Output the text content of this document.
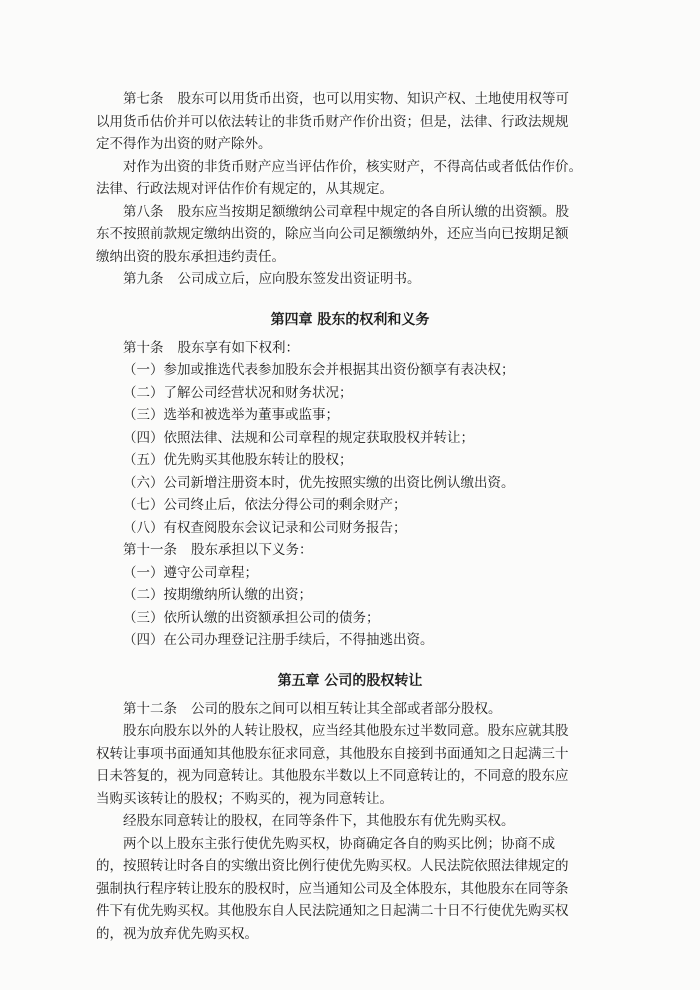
第七条 股东可以用货币出资，也可以用实物、知识产权、土地使用权等可
以用货币估价并可以依法转让的非货币财产作价出资；但是，法律、行政法规规
定不得作为出资的财产除外。
对作为出资的非货币财产应当评估作价，核实财产，不得高估或者低估作价。
法律、行政法规对评估作价有规定的，从其规定。
第八条 股东应当按期足额缴纳公司章程中规定的各自所认缴的出资额。股
东不按照前款规定缴纳出资的，除应当向公司足额缴纳外，还应当向已按期足额
缴纳出资的股东承担违约责任。
第九条 公司成立后，应向股东签发出资证明书。
第四章 股东的权利和义务
第十条 股东享有如下权利：
（一）参加或推选代表参加股东会并根据其出资份额享有表决权；
（二）了解公司经营状况和财务状况；
（三）选举和被选举为董事或监事；
（四）依照法律、法规和公司章程的规定获取股权并转让；
（五）优先购买其他股东转让的股权；
（六）公司新增注册资本时，优先按照实缴的出资比例认缴出资。
（七）公司终止后，依法分得公司的剩余财产；
（八）有权查阅股东会议记录和公司财务报告；
第十一条 股东承担以下义务：
（一）遵守公司章程；
（二）按期缴纳所认缴的出资；
（三）依所认缴的出资额承担公司的债务；
（四）在公司办理登记注册手续后，不得抽逃出资。
第五章 公司的股权转让
第十二条 公司的股东之间可以相互转让其全部或者部分股权。
股东向股东以外的人转让股权，应当经其他股东过半数同意。股东应就其股
权转让事项书面通知其他股东征求同意，其他股东自接到书面通知之日起满三十
日未答复的，视为同意转让。其他股东半数以上不同意转让的，不同意的股东应
当购买该转让的股权；不购买的，视为同意转让。
经股东同意转让的股权，在同等条件下，其他股东有优先购买权。
两个以上股东主张行使优先购买权，协商确定各自的购买比例；协商不成
的，按照转让时各自的实缴出资比例行使优先购买权。人民法院依照法律规定的
强制执行程序转让股东的股权时，应当通知公司及全体股东，其他股东在同等条
件下有优先购买权。其他股东自人民法院通知之日起满二十日不行使优先购买权
的，视为放弃优先购买权。
